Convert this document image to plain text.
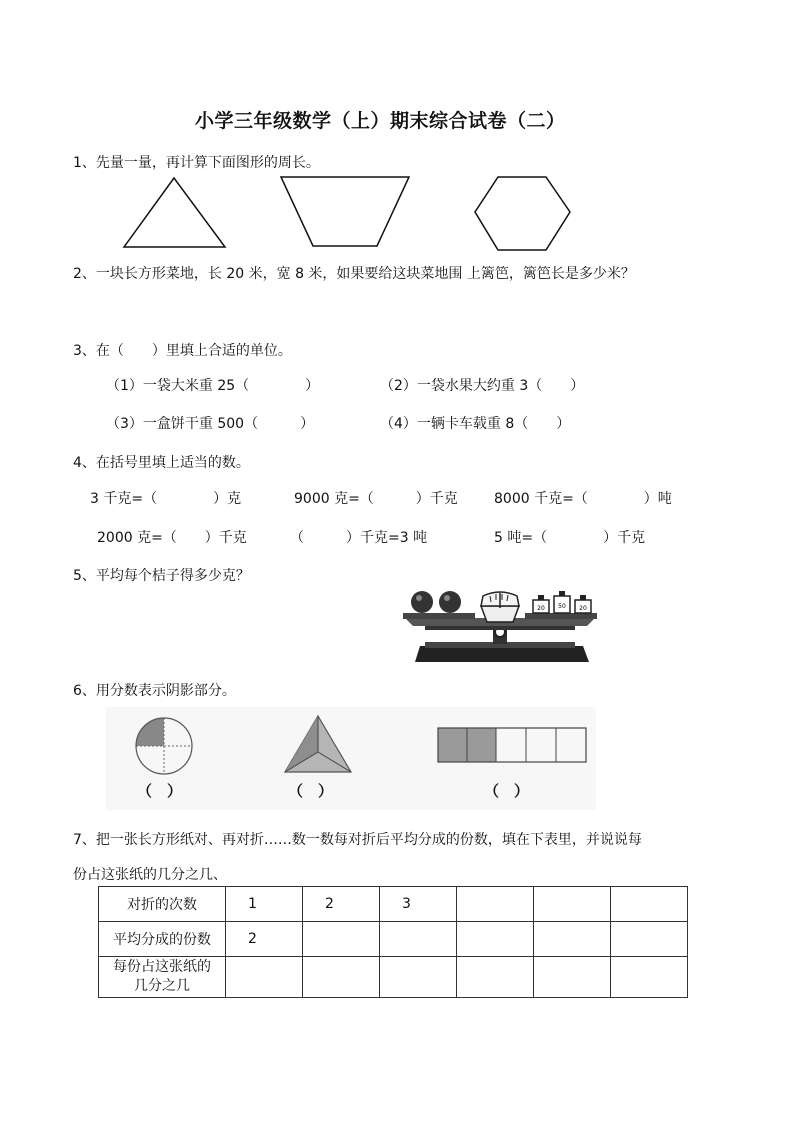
小学三年级数学（上）期末综合试卷（二）
1、先量一量，再计算下面图形的周长。
2、一块长方形菜地，长 20 米，宽 8 米，如果要给这块菜地围 上篱笆，篱笆长是多少米？
3、在（　　）里填上合适的单位。
（1）一袋大米重 25（　　　　）	（2）一袋水果大约重 3（　　）
（3）一盒饼干重 500（　　　）	（4）一辆卡车载重 8（　　）
4、在括号里填上适当的数。
3 千克=（　　　　）克	9000 克=（　　　）千克	8000 千克=（　　　　）吨
2000 克=（　　）千克	（　　　）千克=3 吨	5 吨=（　　　　）千克
5、平均每个桔子得多少克？
20 50 20
6、用分数表示阴影部分。
（　）	（　）	（　）
7、把一张长方形纸对、再对折……数一数每对折后平均分成的份数，填在下表里，并说说每
份占这张纸的几分之几、
对折的次数	1	2	3			
平均分成的份数	2					
每份占这张纸的
几分之几						
